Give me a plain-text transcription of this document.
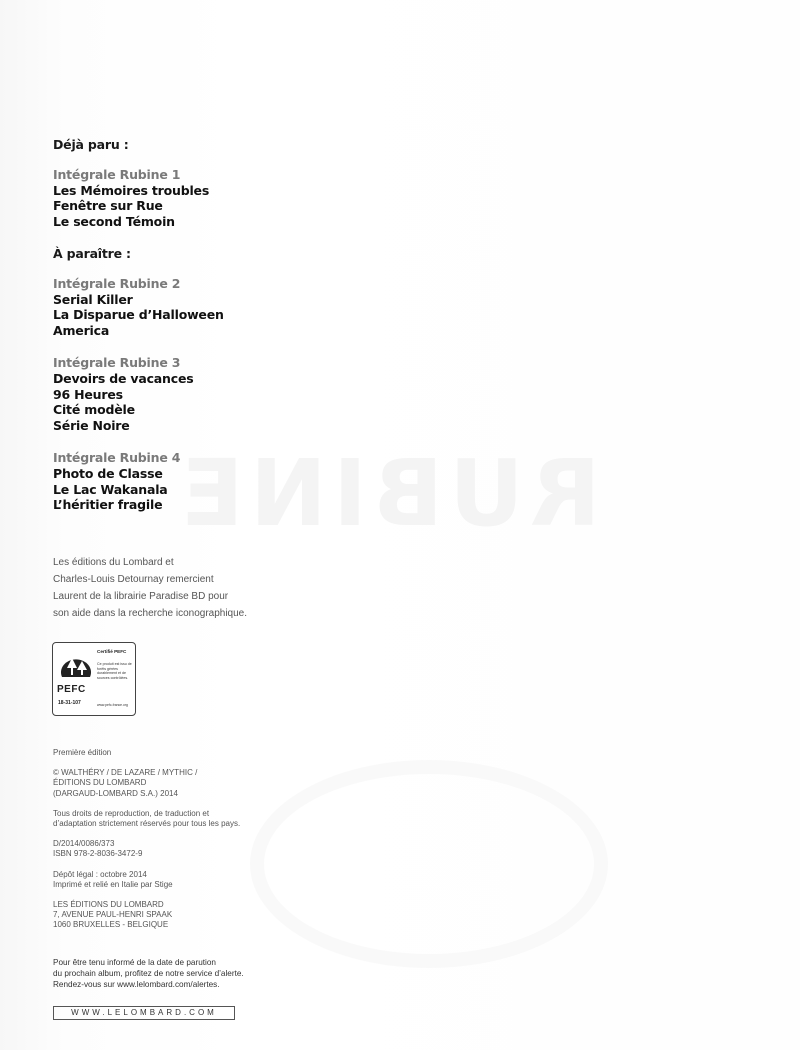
RUBINE
Déjà paru :
Intégrale Rubine 1
Les Mémoires troubles
Fenêtre sur Rue
Le second Témoin
À paraître :
Intégrale Rubine 2
Serial Killer
La Disparue d’Halloween
America
Intégrale Rubine 3
Devoirs de vacances
96 Heures
Cité modèle
Série Noire
Intégrale Rubine 4
Photo de Classe
Le Lac Wakanala
L’héritier fragile
Les éditions du Lombard et
Charles-Louis Detournay remercient
Laurent de la librairie Paradise BD pour
son aide dans la recherche iconographique.
PEFC
18-31-107
Certifié PEFC
Ce produit est issu de forêts gérées durablement et de sources contrôlées.
www.pefc-france.org

Première édition

© WALTHÉRY / DE LAZARE / MYTHIC /
ÉDITIONS DU LOMBARD
(DARGAUD-LOMBARD S.A.) 2014

Tous droits de reproduction, de traduction et
d’adaptation strictement réservés pour tous les pays.

D/2014/0086/373
ISBN 978-2-8036-3472-9

Dépôt légal : octobre 2014
Imprimé et relié en Italie par Stige

LES ÉDITIONS DU LOMBARD
7, AVENUE PAUL-HENRI SPAAK
1060 BRUXELLES - BELGIQUE

Pour être tenu informé de la date de parution
du prochain album, profitez de notre service d’alerte.
Rendez-vous sur www.lelombard.com/alertes.
WWW.LELOMBARD.COM
